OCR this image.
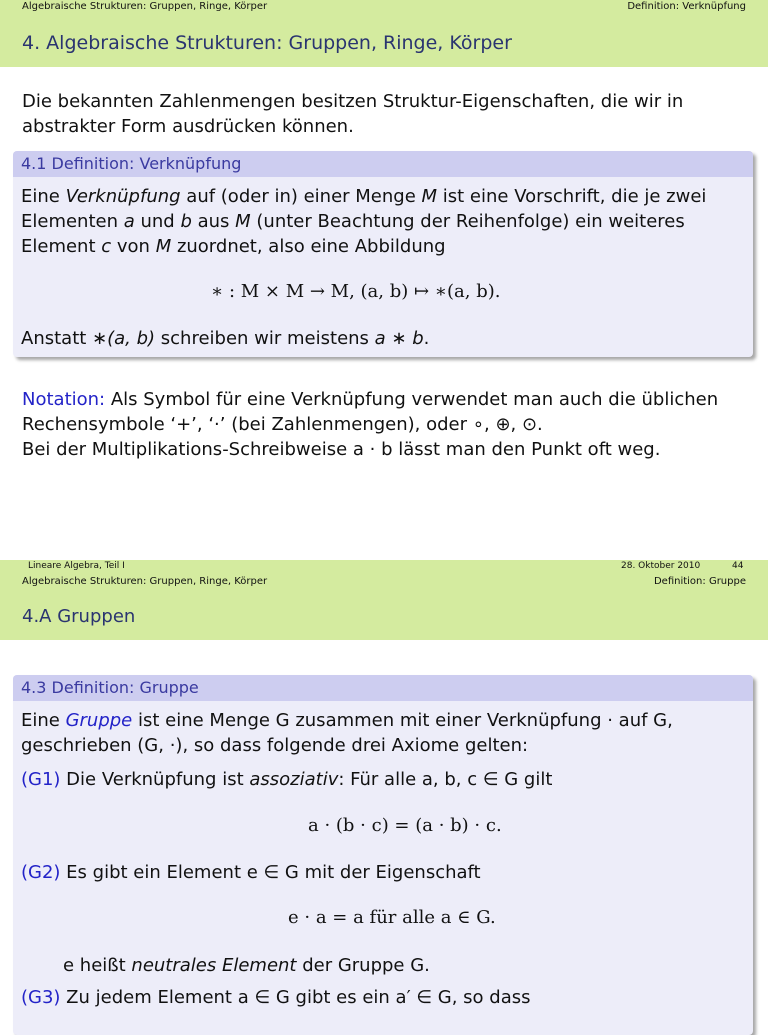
Algebraische Strukturen: Gruppen, Ringe, Körper	Definition: Verknüpfung
4. Algebraische Strukturen: Gruppen, Ringe, Körper
Die bekannten Zahlenmengen besitzen Struktur-Eigenschaften, die wir in
abstrakter Form ausdrücken können.
4.1 Definition: Verknüpfung
Eine Verknüpfung auf (oder in) einer Menge M ist eine Vorschrift, die je zwei
Elementen a und b aus M (unter Beachtung der Reihenfolge) ein weiteres
Element c von M zuordnet, also eine Abbildung
∗ : M × M → M, (a, b) ↦ ∗(a, b).
Anstatt ∗(a, b) schreiben wir meistens a ∗ b.
Notation: Als Symbol für eine Verknüpfung verwendet man auch die üblichen
Rechensymbole ‘+’, ‘·’ (bei Zahlenmengen), oder ∘, ⊕, ⊙.
Bei der Multiplikations-Schreibweise a · b lässt man den Punkt oft weg.
Lineare Algebra, Teil I	28. Oktober 2010	44
Algebraische Strukturen: Gruppen, Ringe, Körper	Definition: Gruppe
4.A Gruppen
4.3 Definition: Gruppe
Eine Gruppe ist eine Menge G zusammen mit einer Verknüpfung · auf G,
geschrieben (G, ·), so dass folgende drei Axiome gelten:
(G1) Die Verknüpfung ist assoziativ: Für alle a, b, c ∈ G gilt
a · (b · c) = (a · b) · c.
(G2) Es gibt ein Element e ∈ G mit der Eigenschaft
e · a = a für alle a ∈ G.
e heißt neutrales Element der Gruppe G.
(G3) Zu jedem Element a ∈ G gibt es ein a′ ∈ G, so dass
